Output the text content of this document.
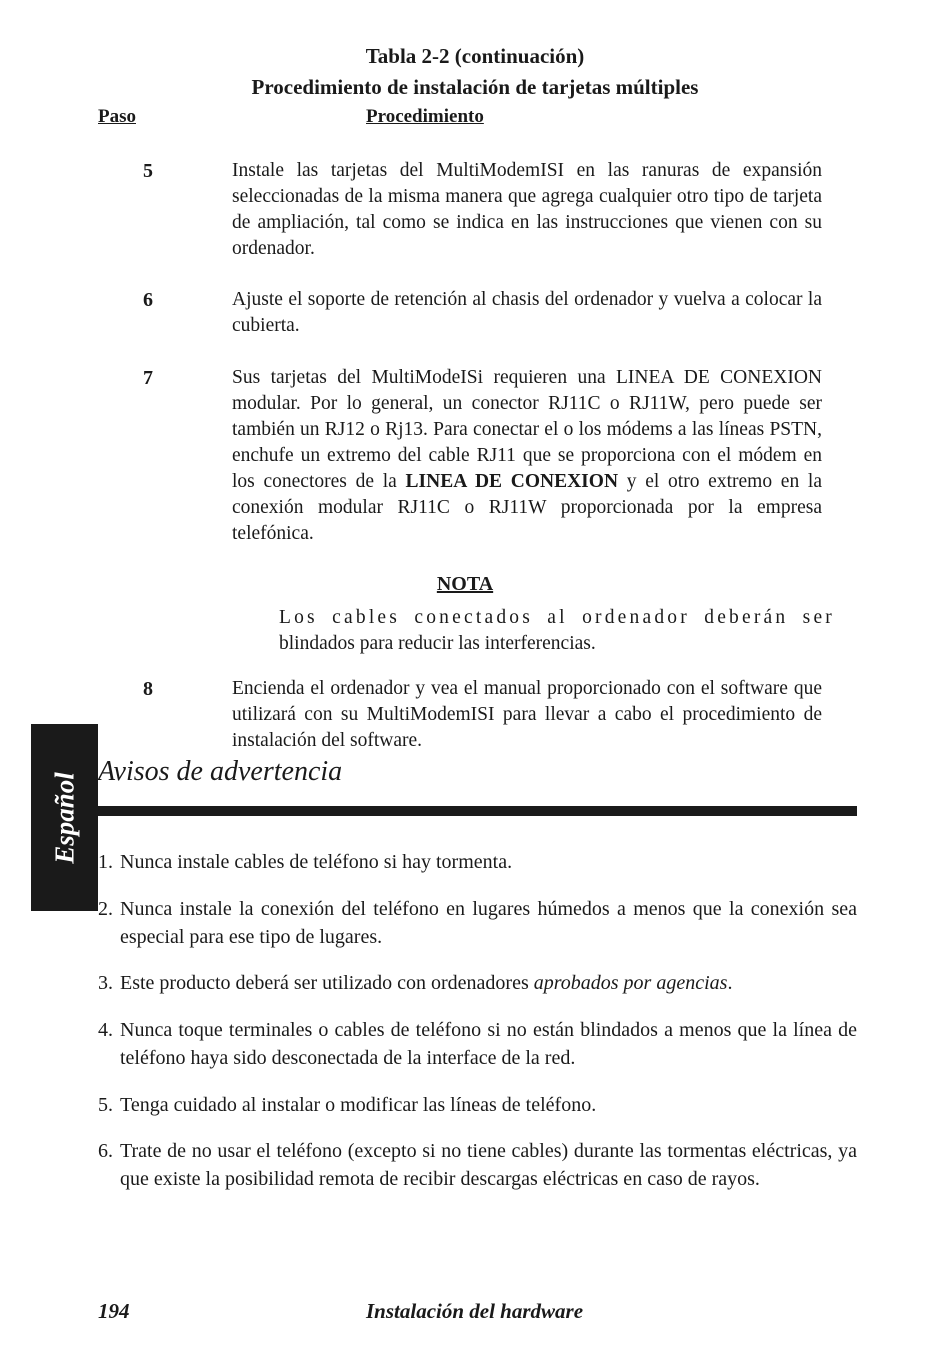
Tabla 2-2 (continuación)
Procedimiento de instalación de tarjetas múltiples
Paso	Procedimiento
5	Instale las tarjetas del MultiModemISI en las ranuras de expansión seleccionadas de la misma manera que agrega cualquier otro tipo de tarjeta de ampliación, tal como se indica en las instrucciones que vienen con su ordenador.
6	Ajuste el soporte de retención al chasis del ordenador y vuelva a colocar la cubierta.
7	Sus tarjetas del MultiModeISi requieren una LINEA DE CONEXION modular. Por lo general, un conector RJ11C o RJ11W, pero puede ser también un RJ12 o Rj13. Para conectar el o los módems a las líneas PSTN, enchufe un extremo del cable RJ11 que se proporciona con el módem en los conectores de la LINEA DE CONEXION y el otro extremo en la conexión modular RJ11C o RJ11W proporcionada por la empresa telefónica.
NOTA
Los cables conectados al ordenador deberán ser
blindados para reducir las interferencias.
8	Encienda el ordenador y vea el manual proporcionado con el software que utilizará con su MultiModemISI para llevar a cabo el procedimiento de instalación del software.
Español
Avisos de advertencia
1. Nunca instale cables de teléfono si hay tormenta.
2. Nunca instale la conexión del teléfono en lugares húmedos a menos que la conexión sea especial para ese tipo de lugares.
3. Este producto deberá ser utilizado con ordenadores aprobados por agencias.
4. Nunca toque terminales o cables de teléfono si no están blindados a menos que la línea de teléfono haya sido desconectada de la interface de la red.
5. Tenga cuidado al instalar o modificar las líneas de teléfono.
6. Trate de no usar el teléfono (excepto si no tiene cables) durante las tormentas eléctricas, ya que existe la posibilidad remota de recibir descargas eléctricas en caso de rayos.
194	Instalación del hardware
